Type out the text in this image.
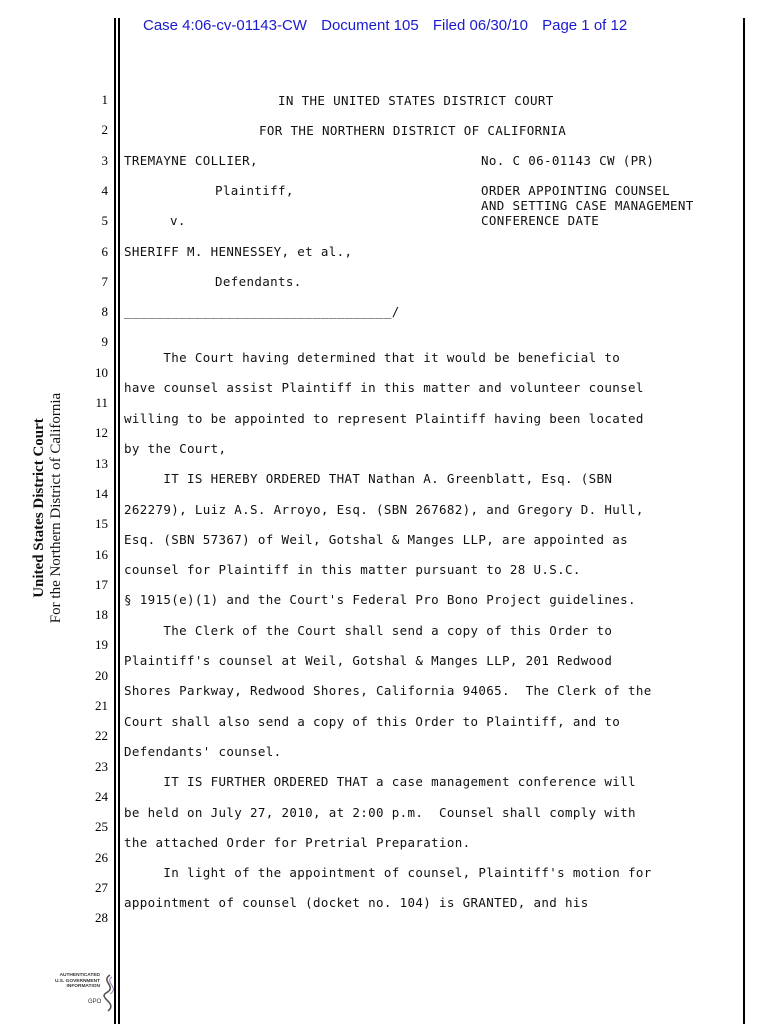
Case 4:06-cv-01143-CW Document 105 Filed 06/30/10 Page 1 of 12
United States District Court For the Northern District of California
1
2
3
4
5
6
7
8
9
10
11
12
13
14
15
16
17
18
19
20
21
22
23
24
25
26
27
28
IN THE UNITED STATES DISTRICT COURT
FOR THE NORTHERN DISTRICT OF CALIFORNIA
TREMAYNE COLLIER,	No. C 06-01143 CW (PR)
Plaintiff,	ORDER APPOINTING COUNSEL
AND SETTING CASE MANAGEMENT
CONFERENCE DATE
v.
SHERIFF M. HENNESSEY, et al.,
Defendants.
__________________________________/
The Court having determined that it would be beneficial to
have counsel assist Plaintiff in this matter and volunteer counsel
willing to be appointed to represent Plaintiff having been located
by the Court,
IT IS HEREBY ORDERED THAT Nathan A. Greenblatt, Esq. (SBN
262279), Luiz A.S. Arroyo, Esq. (SBN 267682), and Gregory D. Hull,
Esq. (SBN 57367) of Weil, Gotshal & Manges LLP, are appointed as
counsel for Plaintiff in this matter pursuant to 28 U.S.C.
§ 1915(e)(1) and the Court's Federal Pro Bono Project guidelines.
The Clerk of the Court shall send a copy of this Order to
Plaintiff's counsel at Weil, Gotshal & Manges LLP, 201 Redwood
Shores Parkway, Redwood Shores, California 94065.  The Clerk of the
Court shall also send a copy of this Order to Plaintiff, and to
Defendants' counsel.
IT IS FURTHER ORDERED THAT a case management conference will
be held on July 27, 2010, at 2:00 p.m.  Counsel shall comply with
the attached Order for Pretrial Preparation.
In light of the appointment of counsel, Plaintiff's motion for
appointment of counsel (docket no. 104) is GRANTED, and his
AUTHENTICATED
U.S. GOVERNMENT
INFORMATION
GPO
